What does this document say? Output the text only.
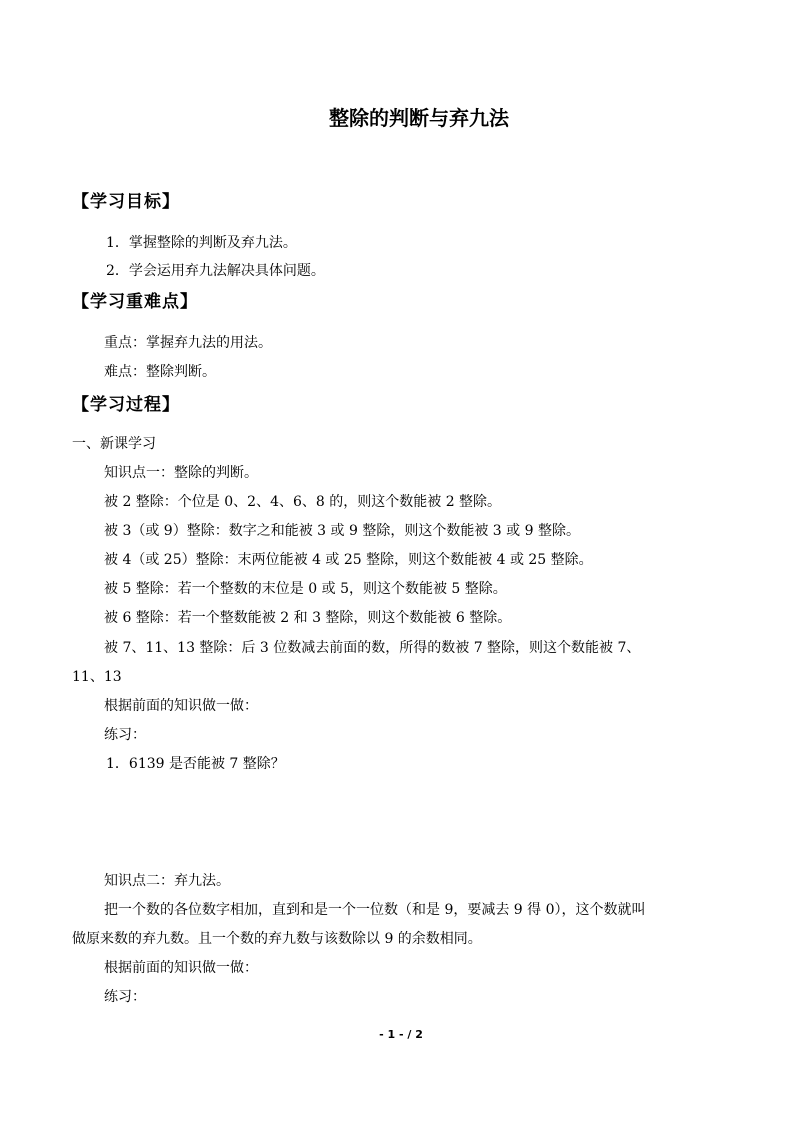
整除的判断与弃九法
【学习目标】
1．掌握整除的判断及弃九法。
2．学会运用弃九法解决具体问题。
【学习重难点】
重点：掌握弃九法的用法。
难点：整除判断。
【学习过程】
一、新课学习
知识点一：整除的判断。
被 2 整除：个位是 0、2、4、6、8 的，则这个数能被 2 整除。
被 3（或 9）整除：数字之和能被 3 或 9 整除，则这个数能被 3 或 9 整除。
被 4（或 25）整除：末两位能被 4 或 25 整除，则这个数能被 4 或 25 整除。
被 5 整除：若一个整数的末位是 0 或 5，则这个数能被 5 整除。
被 6 整除：若一个整数能被 2 和 3 整除，则这个数能被 6 整除。
被 7、11、13 整除：后 3 位数减去前面的数，所得的数被 7 整除，则这个数能被 7、
11、13
根据前面的知识做一做：
练习：
1．6139 是否能被 7 整除？
知识点二：弃九法。
把一个数的各位数字相加，直到和是一个一位数（和是 9，要减去 9 得 0），这个数就叫
做原来数的弃九数。且一个数的弃九数与该数除以 9 的余数相同。
根据前面的知识做一做：
练习：
- 1 - / 2
